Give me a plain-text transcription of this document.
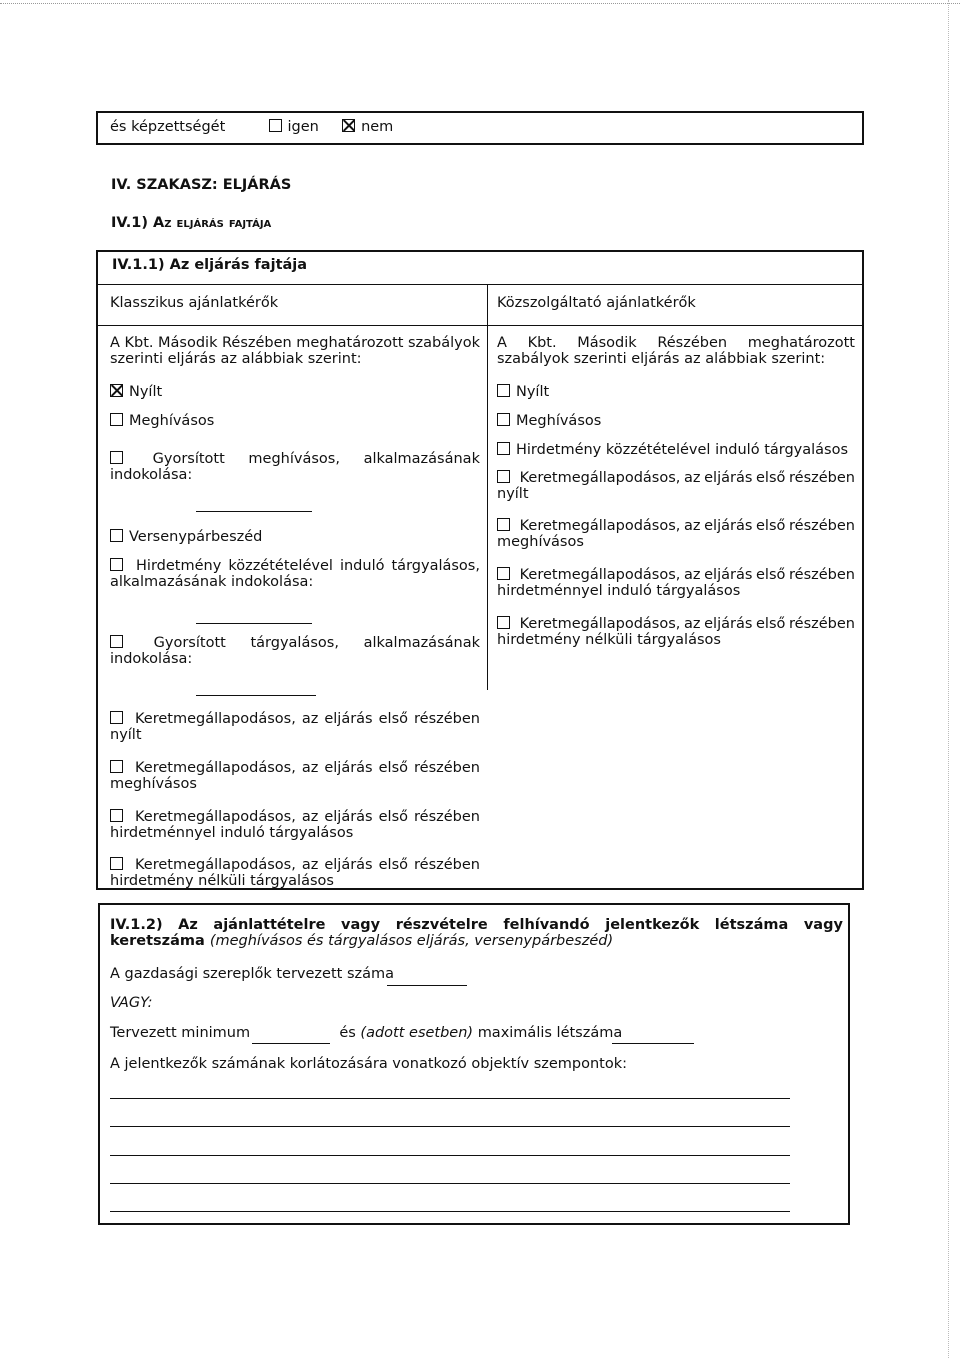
és képzettségét	igen	nem
IV. SZAKASZ: ELJÁRÁS
IV.1) Az eljárás fajtája
IV.1.1) Az eljárás fajtája
Klasszikus ajánlatkérők
A Kbt. Második Részében meghatározott szabályok
szerinti eljárás az alábbiak szerint:
Nyílt
Meghívásos
Gyorsított meghívásos, alkalmazásának
indokolása:
Versenypárbeszéd
Hirdetmény közzétételével induló tárgyalásos,
alkalmazásának indokolása:
Gyorsított tárgyalásos, alkalmazásának
indokolása:
Keretmegállapodásos, az eljárás első részében
nyílt
Keretmegállapodásos, az eljárás első részében
meghívásos
Keretmegállapodásos, az eljárás első részében
hirdetménnyel induló tárgyalásos
Keretmegállapodásos, az eljárás első részében
hirdetmény nélküli tárgyalásos
Közszolgáltató ajánlatkérők
A Kbt. Második Részében meghatározott
szabályok szerinti eljárás az alábbiak szerint:
Nyílt
Meghívásos
Hirdetmény közzétételével induló tárgyalásos
Keretmegállapodásos, az eljárás első részében
nyílt
Keretmegállapodásos, az eljárás első részében
meghívásos
Keretmegállapodásos, az eljárás első részében
hirdetménnyel induló tárgyalásos
Keretmegállapodásos, az eljárás első részében
hirdetmény nélküli tárgyalásos
IV.1.2) Az ajánlattételre vagy részvételre felhívandó jelentkezők létszáma vagy
keretszáma (meghívásos és tárgyalásos eljárás, versenypárbeszéd)
A gazdasági szereplők tervezett száma
VAGY:
Tervezett minimum	és (adott esetben) maximális létszáma
A jelentkezők számának korlátozására vonatkozó objektív szempontok:
